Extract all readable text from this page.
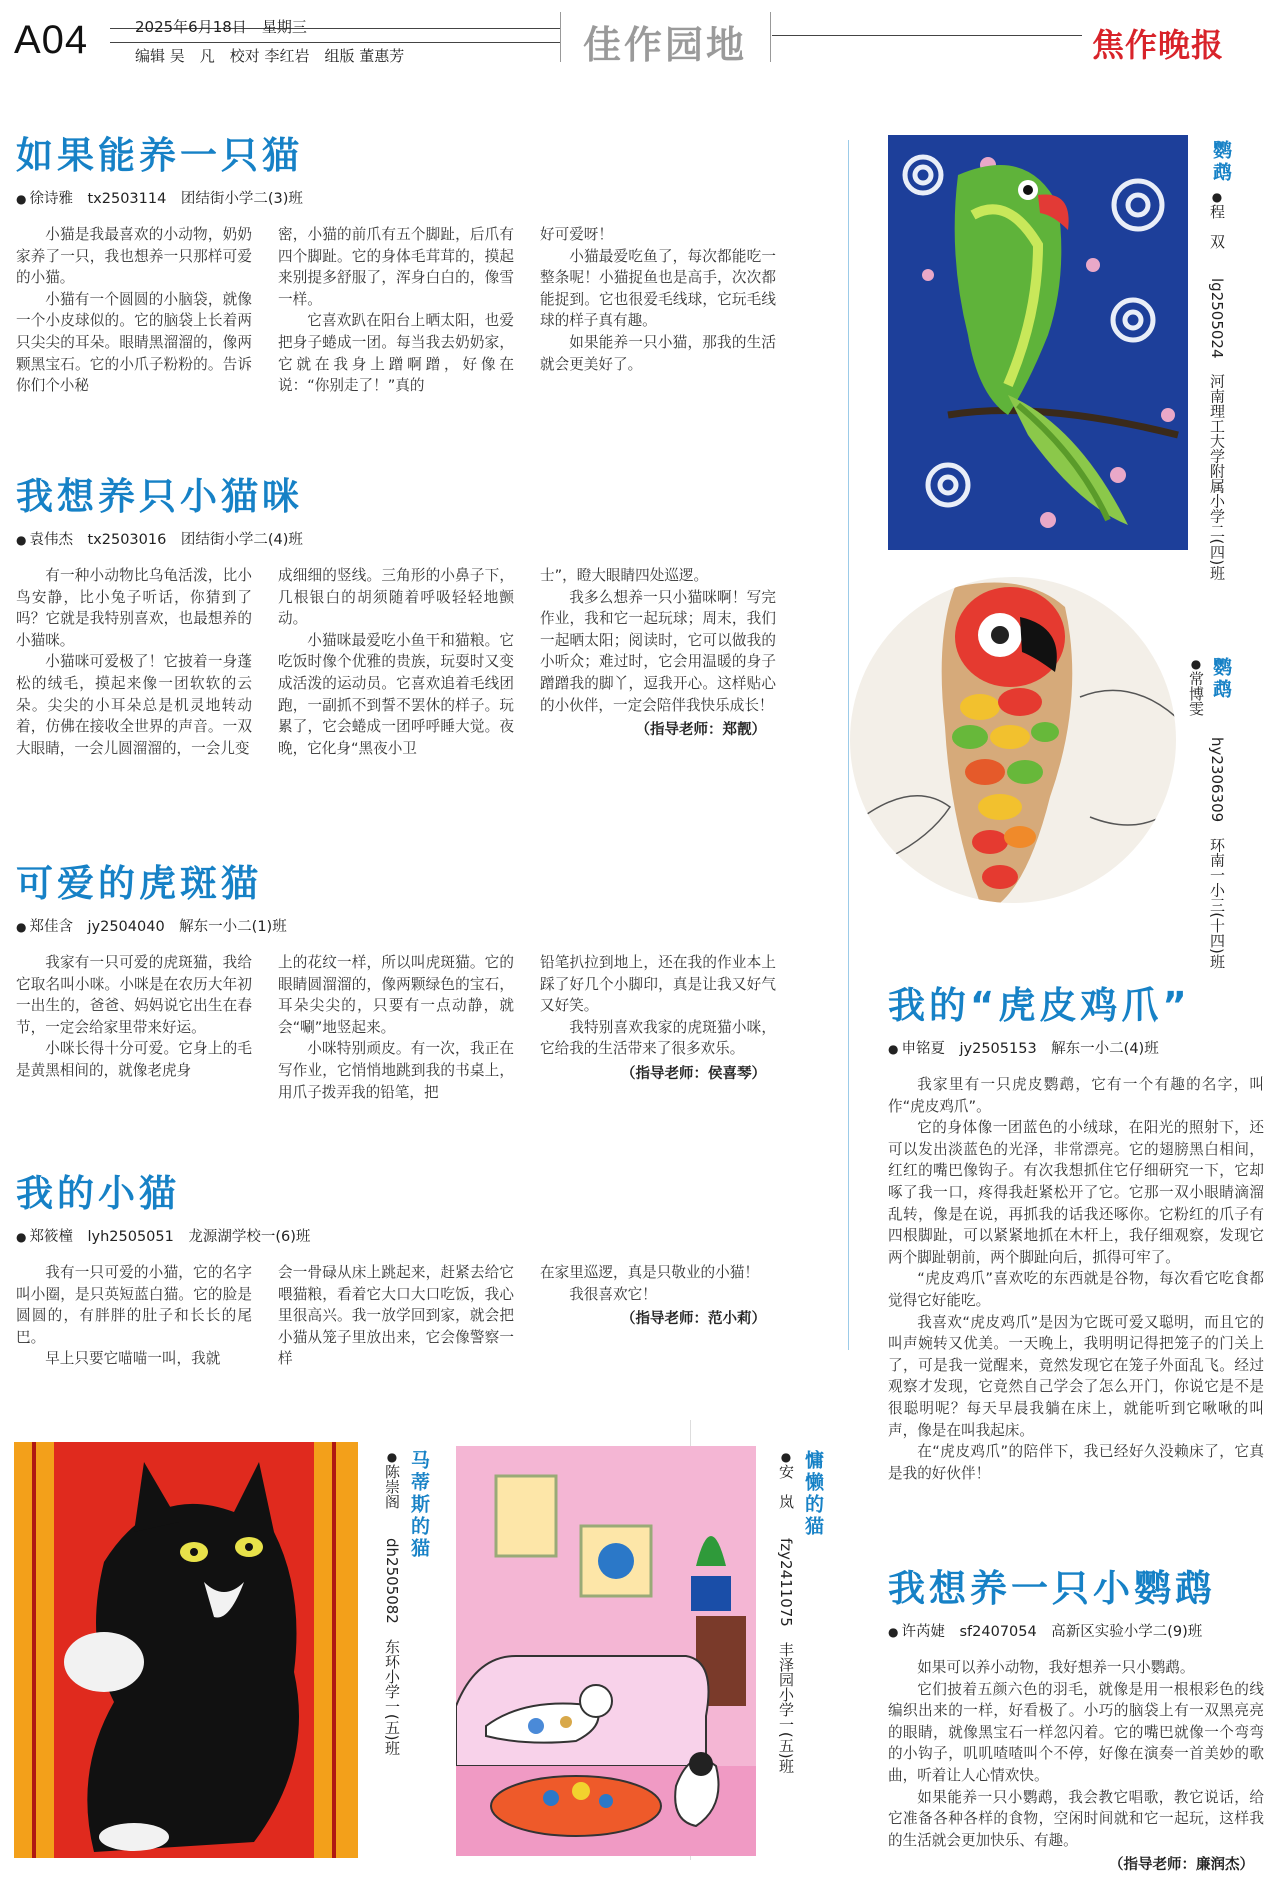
A04	2025年6月18日　 星期三
编辑 吴　凡　校对 李红岩　组版 董惠芳	佳作园地	焦作晚报
如果能养一只猫
● 徐诗雅　tx2503114　团结街小学二(3)班

小猫是我最喜欢的小动物，奶奶家养了一只，我也想养一只那样可爱的小猫。

小猫有一个圆圆的小脑袋，就像一个小皮球似的。它的脑袋上长着两只尖尖的耳朵。眼睛黑溜溜的，像两颗黑宝石。它的小爪子粉粉的。告诉你们个小秘

密，小猫的前爪有五个脚趾，后爪有四个脚趾。它的身体毛茸茸的，摸起来别提多舒服了，浑身白白的，像雪一样。

它喜欢趴在阳台上晒太阳，也爱把身子蜷成一团。每当我去奶奶家，它就在我身上蹭啊蹭，好像在说：“你别走了！”真的

好可爱呀！

小猫最爱吃鱼了，每次都能吃一整条呢！小猫捉鱼也是高手，次次都能捉到。它也很爱毛线球，它玩毛线球的样子真有趣。

如果能养一只小猫，那我的生活就会更美好了。

我想养只小猫咪
● 袁伟杰　tx2503016　团结街小学二(4)班

有一种小动物比乌龟活泼，比小鸟安静，比小兔子听话，你猜到了吗？它就是我特别喜欢，也最想养的小猫咪。

小猫咪可爱极了！它披着一身蓬松的绒毛，摸起来像一团软软的云朵。尖尖的小耳朵总是机灵地转动着，仿佛在接收全世界的声音。一双大眼睛，一会儿圆溜溜的，一会儿变

成细细的竖线。三角形的小鼻子下，几根银白的胡须随着呼吸轻轻地颤动。

小猫咪最爱吃小鱼干和猫粮。它吃饭时像个优雅的贵族，玩耍时又变成活泼的运动员。它喜欢追着毛线团跑，一副抓不到誓不罢休的样子。玩累了，它会蜷成一团呼呼睡大觉。夜晚，它化身“黑夜小卫

士”，瞪大眼睛四处巡逻。

我多么想养一只小猫咪啊！写完作业，我和它一起玩球；周末，我们一起晒太阳；阅读时，它可以做我的小听众；难过时，它会用温暖的身子蹭蹭我的脚丫，逗我开心。这样贴心的小伙伴，一定会陪伴我快乐成长！

（指导老师：郑靓）
可爱的虎斑猫
● 郑佳含　jy2504040　解东一小二(1)班

我家有一只可爱的虎斑猫，我给它取名叫小咪。小咪是在农历大年初一出生的，爸爸、妈妈说它出生在春节，一定会给家里带来好运。

小咪长得十分可爱。它身上的毛是黄黑相间的，就像老虎身

上的花纹一样，所以叫虎斑猫。它的眼睛圆溜溜的，像两颗绿色的宝石，耳朵尖尖的，只要有一点动静，就会“唰”地竖起来。

小咪特别顽皮。有一次，我正在写作业，它悄悄地跳到我的书桌上，用爪子拨弄我的铅笔，把

铅笔扒拉到地上，还在我的作业本上踩了好几个小脚印，真是让我又好气又好笑。

我特别喜欢我家的虎斑猫小咪，它给我的生活带来了很多欢乐。

（指导老师：侯喜琴）
我的小猫
● 郑筱橦　lyh2505051　龙源湖学校一(6)班

我有一只可爱的小猫，它的名字叫小圈，是只英短蓝白猫。它的脸是圆圆的，有胖胖的肚子和长长的尾巴。

早上只要它喵喵一叫，我就

会一骨碌从床上跳起来，赶紧去给它喂猫粮，看着它大口大口吃饭，我心里很高兴。我一放学回到家，就会把小猫从笼子里放出来，它会像警察一样

在家里巡逻，真是只敬业的小猫！

我很喜欢它！

（指导老师：范小莉）
我的“虎皮鸡爪”
● 申铭夏　jy2505153　解东一小二(4)班

我家里有一只虎皮鹦鹉，它有一个有趣的名字，叫作“虎皮鸡爪”。

它的身体像一团蓝色的小绒球，在阳光的照射下，还可以发出淡蓝色的光泽，非常漂亮。它的翅膀黑白相间，红红的嘴巴像钩子。有次我想抓住它仔细研究一下，它却啄了我一口，疼得我赶紧松开了它。它那一双小眼睛滴溜乱转，像是在说，再抓我的话我还啄你。它粉红的爪子有四根脚趾，可以紧紧地抓在木杆上，我仔细观察，发现它两个脚趾朝前，两个脚趾向后，抓得可牢了。

“虎皮鸡爪”喜欢吃的东西就是谷物，每次看它吃食都觉得它好能吃。

我喜欢“虎皮鸡爪”是因为它既可爱又聪明，而且它的叫声婉转又优美。一天晚上，我明明记得把笼子的门关上了，可是我一觉醒来，竟然发现它在笼子外面乱飞。经过观察才发现，它竟然自己学会了怎么开门，你说它是不是很聪明呢？每天早晨我躺在床上，就能听到它啾啾的叫声，像是在叫我起床。

在“虎皮鸡爪”的陪伴下，我已经好久没赖床了，它真是我的好伙伴！

我想养一只小鹦鹉
● 许芮婕　sf2407054　高新区实验小学二(9)班

如果可以养小动物，我好想养一只小鹦鹉。

它们披着五颜六色的羽毛，就像是用一根根彩色的线编织出来的一样，好看极了。小巧的脑袋上有一双黑亮亮的眼睛，就像黑宝石一样忽闪着。它的嘴巴就像一个弯弯的小钩子，叽叽喳喳叫个不停，好像在演奏一首美妙的歌曲，听着让人心情欢快。

如果能养一只小鹦鹉，我会教它唱歌，教它说话，给它准备各种各样的食物，空闲时间就和它一起玩，这样我的生活就会更加快乐、有趣。

（指导老师：廉润杰）
鹦鹉
●程　双
lg2505024　河南理工大学附属小学二(四)班
鹦鹉
●常博雯
hy2306309　环南一小三(十四)班
马蒂斯的猫
●陈崇阁
dh2505082　东环小学一(五)班
慵懒的猫
●安　岚
fzy2411075　丰泽园小学一(五)班
